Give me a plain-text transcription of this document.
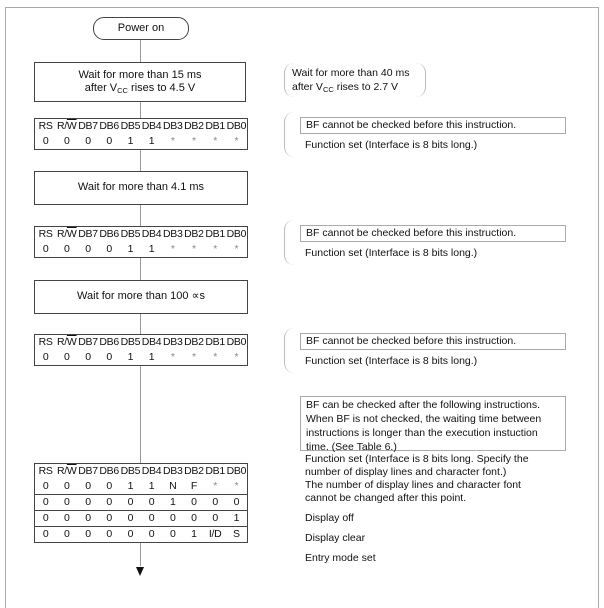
Power on
Wait for more than 15 ms
after $V_{CC}$ rises to 4.5 V
RS	$R/\overline{W}$	DB7	DB6	DB5	DB4	DB3	DB2	DB1	DB0
0	0	0	0	1	1	*	*	*	*
Wait for more than 4.1 ms
RS	$R/\overline{W}$	DB7	DB6	DB5	DB4	DB3	DB2	DB1	DB0
0	0	0	0	1	1	*	*	*	*
Wait for more than 100 ∝s
RS	$R/\overline{W}$	DB7	DB6	DB5	DB4	DB3	DB2	DB1	DB0
0	0	0	0	1	1	*	*	*	*
RS	$R/\overline{W}$	DB7	DB6	DB5	DB4	DB3	DB2	DB1	DB0
0	0	0	0	1	1	N	F	*	*
0	0	0	0	0	0	1	0	0	0
0	0	0	0	0	0	0	0	0	1
0	0	0	0	0	0	0	1	I/D	S
Wait for more than 40 ms
after $V_{CC}$ rises to 2.7 V
BF cannot be checked before this instruction.
Function set (Interface is 8 bits long.)
BF cannot be checked before this instruction.
Function set (Interface is 8 bits long.)
BF cannot be checked before this instruction.
Function set (Interface is 8 bits long.)
BF can be checked after the following instructions.
When BF is not checked, the waiting time between
instructions is longer than the execution instuction
time. (See Table 6.)
Function set (Interface is 8 bits long. Specify the
number of display lines and character font.)
The number of display lines and character font
cannot be changed after this point.
Display off
Display clear
Entry mode set
